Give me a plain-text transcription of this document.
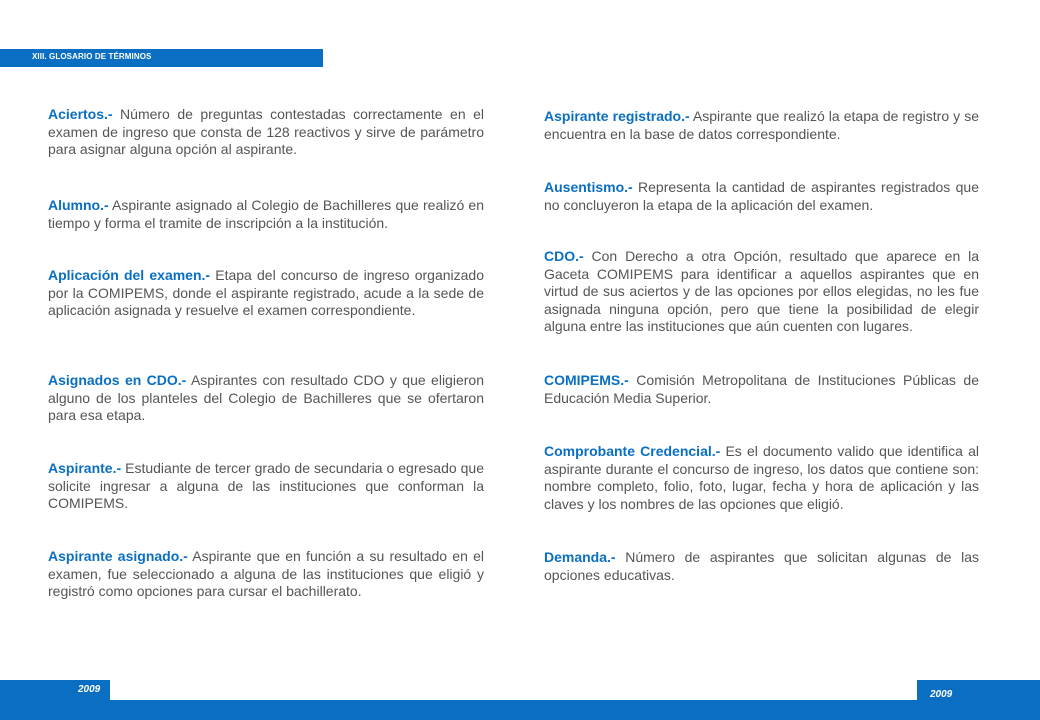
XIII. GLOSARIO DE TÉRMINOS

Aciertos.- Número de preguntas contestadas correctamente en el examen de ingreso que consta de 128 reactivos y sirve de parámetro para asignar alguna opción al aspirante.

Alumno.- Aspirante asignado al Colegio de Bachilleres que realizó en tiempo y forma el tramite de inscripción a la institución.

Aplicación del examen.- Etapa del concurso de ingreso organizado por la COMIPEMS, donde el aspirante registrado, acude a la sede de aplicación asignada y resuelve el examen correspondiente.

Asignados en CDO.- Aspirantes con resultado CDO y que eligieron alguno de los planteles del Colegio de Bachilleres que se ofertaron para esa etapa.

Aspirante.- Estudiante de tercer grado de secundaria o egresado que solicite ingresar a alguna de las instituciones que conforman la COMIPEMS.

Aspirante asignado.- Aspirante que en función a su resultado en el examen, fue seleccionado a alguna de las instituciones que eligió y registró como opciones para cursar el bachillerato.

Aspirante registrado.- Aspirante que realizó la etapa de registro y se encuentra en la base de datos correspondiente.

Ausentismo.- Representa la cantidad de aspirantes registrados que no concluyeron la etapa de la aplicación del examen.

CDO.- Con Derecho a otra Opción, resultado que aparece en la Gaceta COMIPEMS para identificar a aquellos aspirantes que en virtud de sus aciertos y de las opciones por ellos elegidas, no les fue asignada ninguna opción, pero que tiene la posibilidad de elegir alguna entre las instituciones que aún cuenten con lugares.

COMIPEMS.- Comisión Metropolitana de Instituciones Públicas de Educación Media Superior.

Comprobante Credencial.- Es el documento valido que identifica al aspirante durante el concurso de ingreso, los datos que contiene son: nombre completo, folio, foto, lugar, fecha y hora de aplicación y las claves y los nombres de las opciones que eligió.

Demanda.- Número de aspirantes que solicitan algunas de las opciones educativas.

2009	2009
